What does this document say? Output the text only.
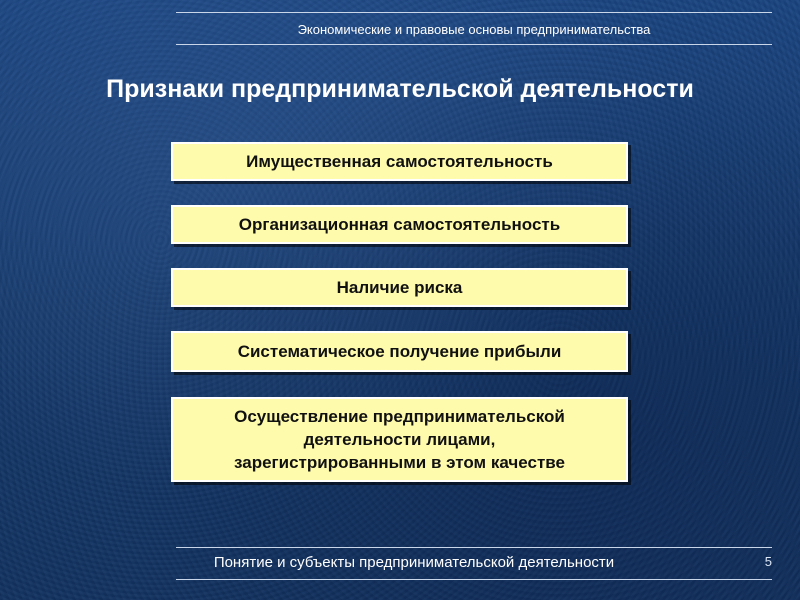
Экономические и правовые основы предпринимательства
Признаки предпринимательской деятельности
Имущественная самостоятельность
Организационная самостоятельность
Наличие риска
Систематическое получение прибыли
Осуществление предпринимательской
деятельности лицами,
зарегистрированными в этом качестве
Понятие и субъекты предпринимательской деятельности	5
